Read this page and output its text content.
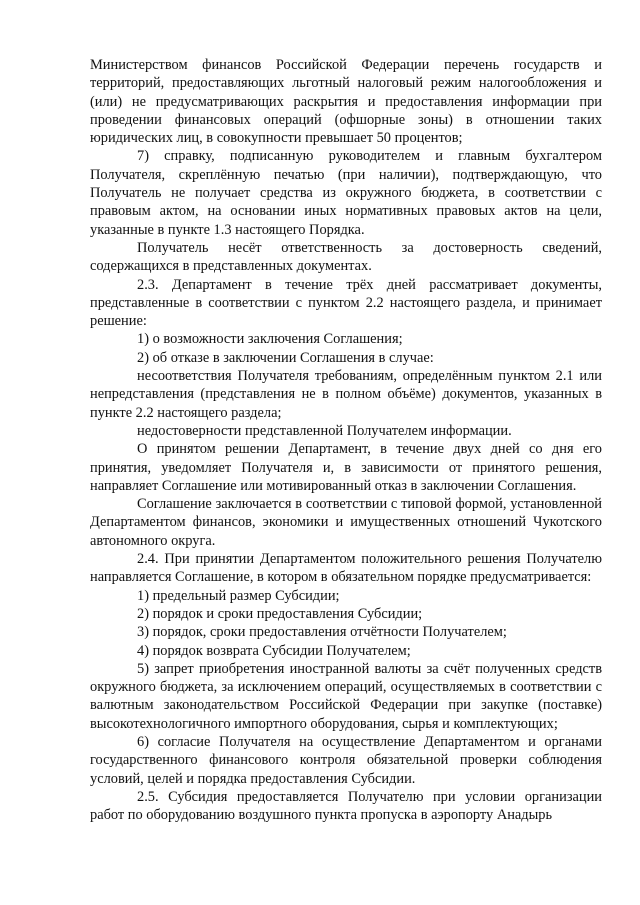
Министерством финансов Российской Федерации перечень государств и территорий, предоставляющих льготный налоговый режим налогообложения и (или) не предусматривающих раскрытия и предоставления информации при проведении финансовых операций (офшорные зоны) в отношении таких юридических лиц, в совокупности превышает 50 процентов;

7) справку, подписанную руководителем и главным бухгалтером Получателя, скреплённую печатью (при наличии), подтверждающую, что Получатель не получает средства из окружного бюджета, в соответствии с правовым актом, на основании иных нормативных правовых актов на цели, указанные в пункте 1.3 настоящего Порядка.

Получатель несёт ответственность за достоверность сведений, содержащихся в представленных документах.

2.3. Департамент в течение трёх дней рассматривает документы, представленные в соответствии с пунктом 2.2 настоящего раздела, и принимает решение:

1) о возможности заключения Соглашения;

2) об отказе в заключении Соглашения в случае:

несоответствия Получателя требованиям, определённым пунктом 2.1 или непредставления (представления не в полном объёме) документов, указанных в пункте 2.2 настоящего раздела;

недостоверности представленной Получателем информации.

О принятом решении Департамент, в течение двух дней со дня его принятия, уведомляет Получателя и, в зависимости от принятого решения, направляет Соглашение или мотивированный отказ в заключении Соглашения.

Соглашение заключается в соответствии с типовой формой, установленной Департаментом финансов, экономики и имущественных отношений Чукотского автономного округа.

2.4. При принятии Департаментом положительного решения Получателю направляется Соглашение, в котором в обязательном порядке предусматривается:

1) предельный размер Субсидии;

2) порядок и сроки предоставления Субсидии;

3) порядок, сроки предоставления отчётности Получателем;

4) порядок возврата Субсидии Получателем;

5) запрет приобретения иностранной валюты за счёт полученных средств окружного бюджета, за исключением операций, осуществляемых в соответствии с валютным законодательством Российской Федерации при закупке (поставке) высокотехнологичного импортного оборудования, сырья и комплектующих;

6) согласие Получателя на осуществление Департаментом и органами государственного финансового контроля обязательной проверки соблюдения условий, целей и порядка предоставления Субсидии.

2.5. Субсидия предоставляется Получателю при условии организации работ по оборудованию воздушного пункта пропуска в аэропорту Анадырь
